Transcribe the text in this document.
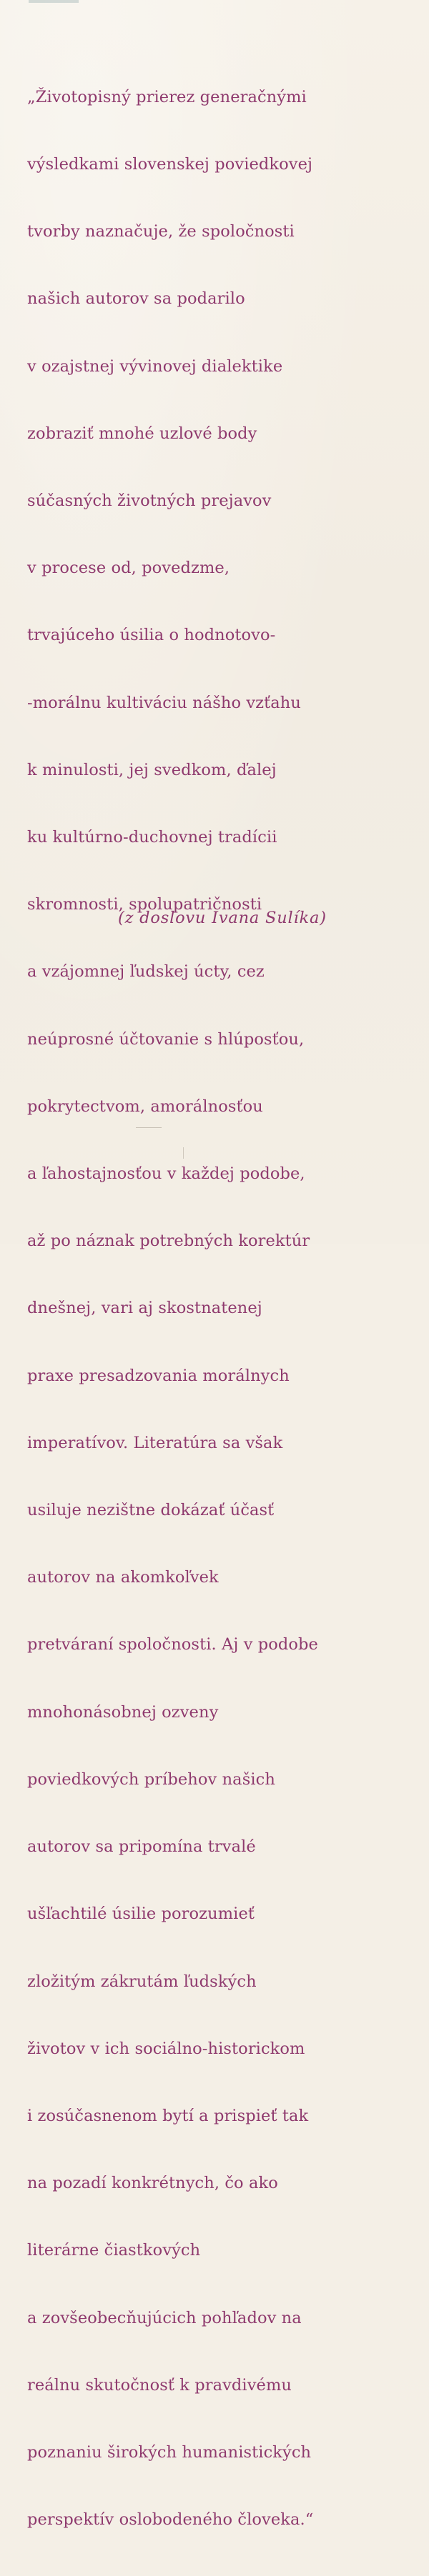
„Životopisný prierez generačnými

výsledkami slovenskej poviedkovej

tvorby naznačuje, že spoločnosti

našich autorov sa podarilo

v ozajstnej vývinovej dialektike

zobraziť mnohé uzlové body

súčasných životných prejavov

v procese od, povedzme,

trvajúceho úsilia o hodnotovo-

-morálnu kultiváciu nášho vzťahu

k minulosti, jej svedkom, ďalej

ku kultúrno-duchovnej tradícii

skromnosti, spolupatričnosti

a vzájomnej ľudskej úcty, cez

neúprosné účtovanie s hlúposťou,

pokrytectvom, amorálnosťou

a ľahostajnosťou v každej podobe,

až po náznak potrebných korektúr

dnešnej, vari aj skostnatenej

praxe presadzovania morálnych

imperatívov. Literatúra sa však

usiluje nezištne dokázať účasť

autorov na akomkoľvek

pretváraní spoločnosti. Aj v podobe

mnohonásobnej ozveny

poviedkových príbehov našich

autorov sa pripomína trvalé

ušľachtilé úsilie porozumieť

zložitým zákrutám ľudských

životov v ich sociálno-historickom

i zosúčasnenom bytí a prispieť tak

na pozadí konkrétnych, čo ako

literárne čiastkových

a zovšeobecňujúcich pohľadov na

reálnu skutočnosť k pravdivému

poznaniu širokých humanistických

perspektív oslobodeného človeka.“

(z doslovu Ivana Sulíka)
